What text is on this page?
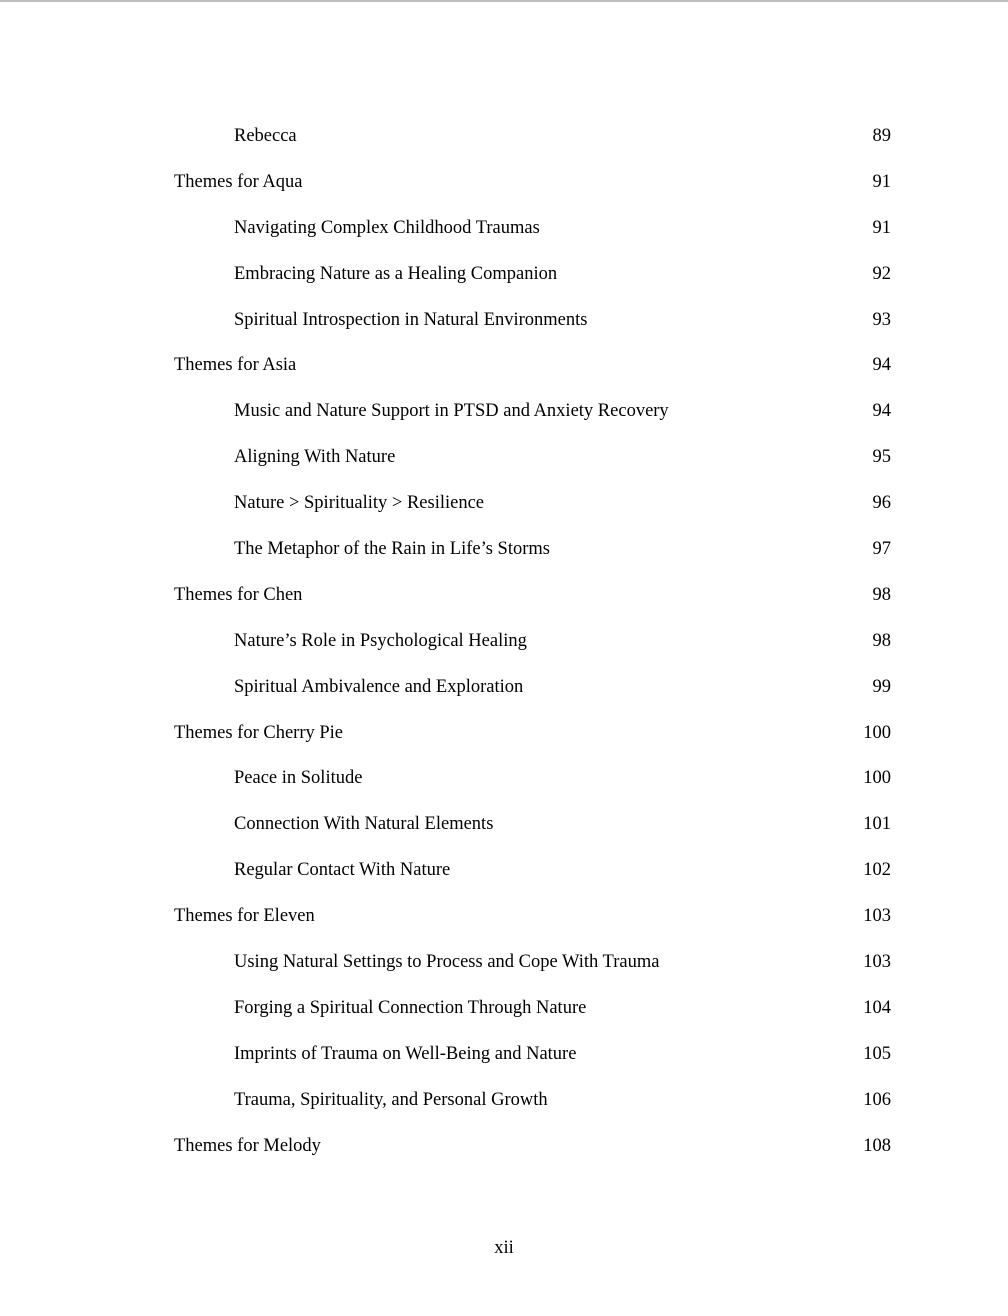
Rebecca	89
Themes for Aqua	91
Navigating Complex Childhood Traumas	91
Embracing Nature as a Healing Companion	92
Spiritual Introspection in Natural Environments	93
Themes for Asia	94
Music and Nature Support in PTSD and Anxiety Recovery	94
Aligning With Nature	95
Nature > Spirituality > Resilience	96
The Metaphor of the Rain in Life’s Storms	97
Themes for Chen	98
Nature’s Role in Psychological Healing	98
Spiritual Ambivalence and Exploration	99
Themes for Cherry Pie	100
Peace in Solitude	100
Connection With Natural Elements	101
Regular Contact With Nature	102
Themes for Eleven	103
Using Natural Settings to Process and Cope With Trauma	103
Forging a Spiritual Connection Through Nature	104
Imprints of Trauma on Well-Being and Nature	105
Trauma, Spirituality, and Personal Growth	106
Themes for Melody	108
xii
